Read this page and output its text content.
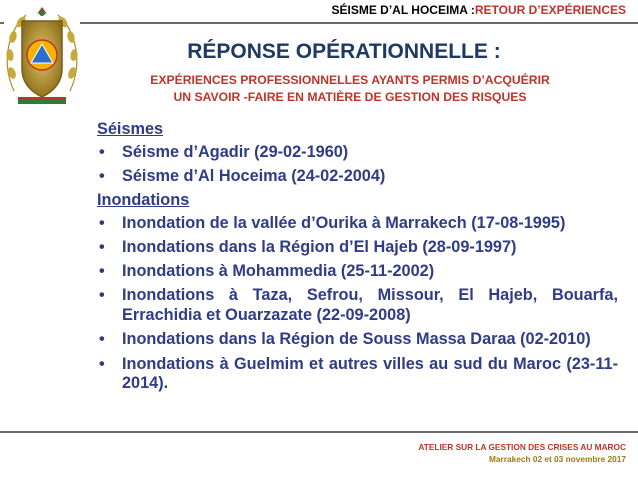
SÉISME D’AL HOCEIMA :RETOUR D’EXPÉRIENCES
RÉPONSE OPÉRATIONNELLE :
EXPÉRIENCES PROFESSIONNELLES AYANTS PERMIS D’ACQUÉRIR
UN SAVOIR -FAIRE EN MATIÈRE DE GESTION DES RISQUES
Séismes
• Séisme d’Agadir (29-02-1960)
• Séisme d’Al Hoceima (24-02-2004)
Inondations
• Inondation de la vallée d’Ourika à Marrakech (17-08-1995)
• Inondations dans la Région d’El Hajeb (28-09-1997)
• Inondations à Mohammedia (25-11-2002)
• Inondations à Taza, Sefrou, Missour, El Hajeb, Bouarfa, Errachidia et Ouarzazate (22-09-2008)
• Inondations dans la Région de Souss Massa Daraa (02-2010)
• Inondations à Guelmim et autres villes au sud du Maroc (23-11-2014).
ATELIER SUR LA GESTION DES CRISES AU MAROC
Marrakech 02 et 03 novembre 2017
